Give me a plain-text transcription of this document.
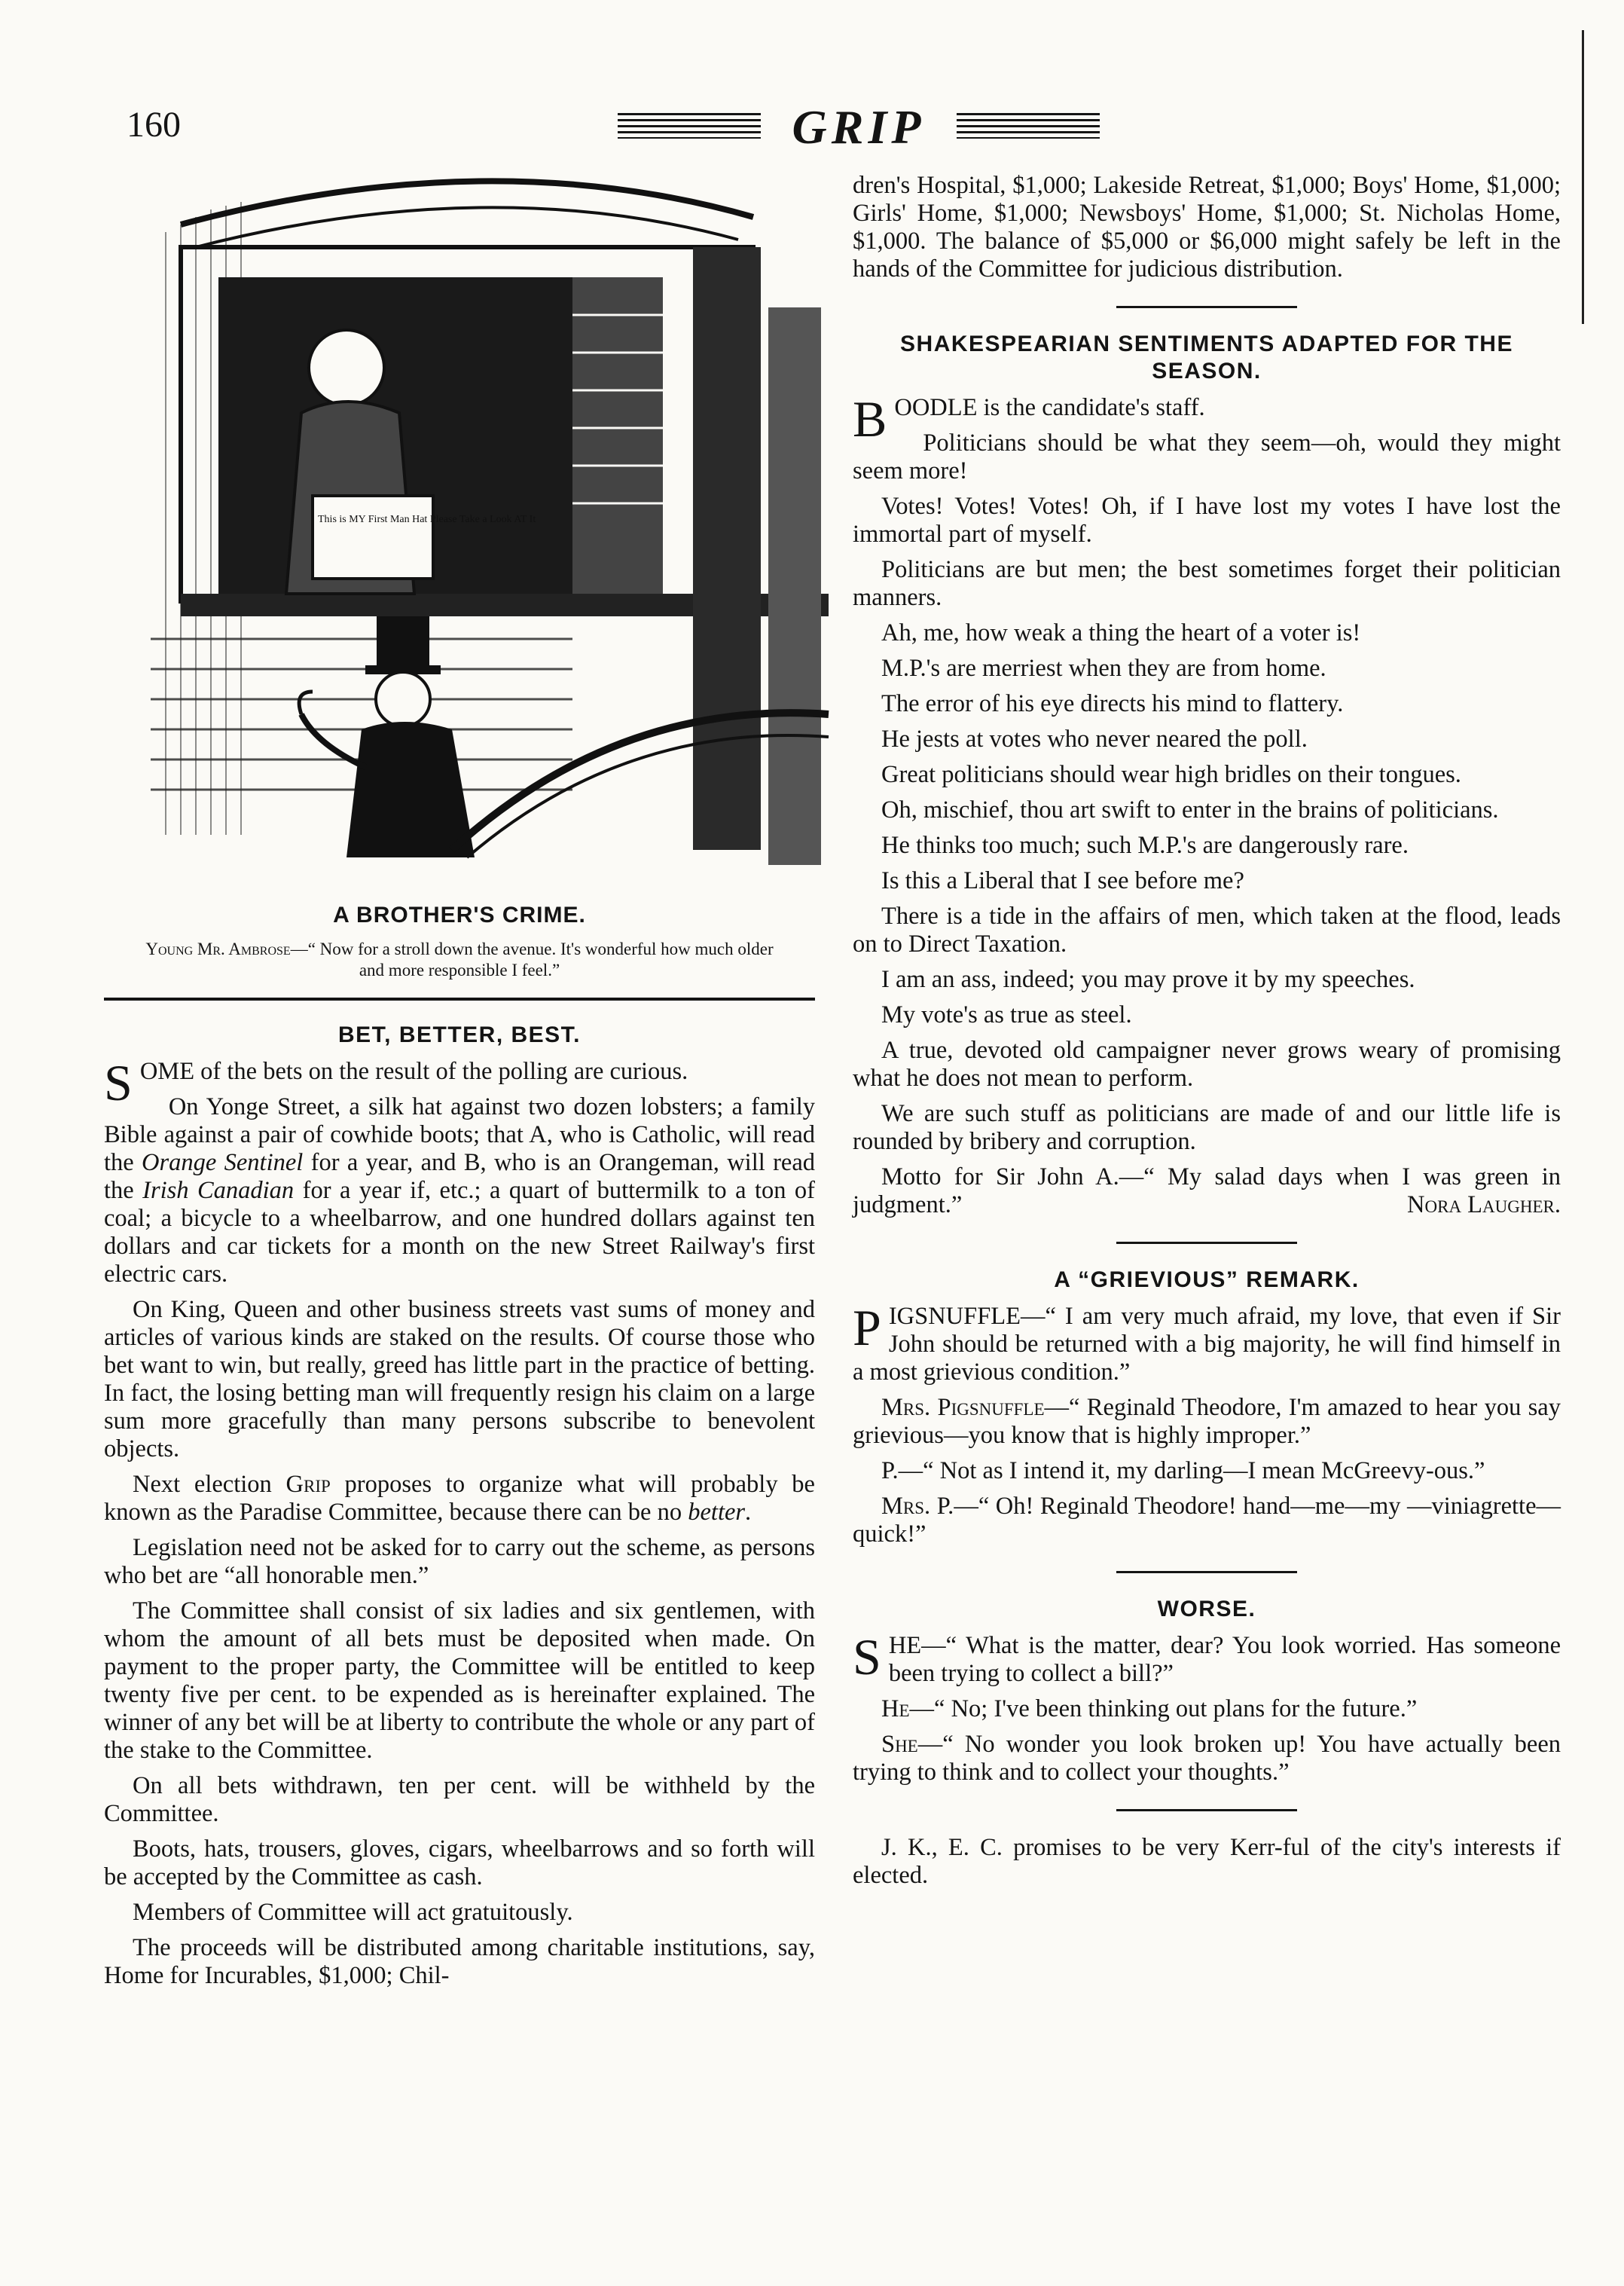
160	GRIP
This is MY First Man Hat Please Take a Look AT It
A BROTHER'S CRIME.
Young Mr. Ambrose—“ Now for a stroll down the avenue. It's wonderful how much older and more responsible I feel.”
BET, BETTER, BEST.

SOME of the bets on the result of the polling are curious.

On Yonge Street, a silk hat against two dozen lobsters; a family Bible against a pair of cowhide boots; that A, who is Catholic, will read the Orange Sentinel for a year, and B, who is an Orangeman, will read the Irish Canadian for a year if, etc.; a quart of buttermilk to a ton of coal; a bicycle to a wheelbarrow, and one hundred dollars against ten dollars and car tickets for a month on the new Street Railway's first electric cars.

On King, Queen and other business streets vast sums of money and articles of various kinds are staked on the results. Of course those who bet want to win, but really, greed has little part in the practice of betting. In fact, the losing betting man will frequently resign his claim on a large sum more gracefully than many persons subscribe to benevolent objects.

Next election Grip proposes to organize what will probably be known as the Paradise Committee, because there can be no better.

Legislation need not be asked for to carry out the scheme, as persons who bet are “all honorable men.”

The Committee shall consist of six ladies and six gentlemen, with whom the amount of all bets must be deposited when made. On payment to the proper party, the Committee will be entitled to keep twenty five per cent. to be expended as is hereinafter explained. The winner of any bet will be at liberty to contribute the whole or any part of the stake to the Committee.

On all bets withdrawn, ten per cent. will be withheld by the Committee.

Boots, hats, trousers, gloves, cigars, wheelbarrows and so forth will be accepted by the Committee as cash.

Members of Committee will act gratuitously.

The proceeds will be distributed among charitable institutions, say, Home for Incurables, $1,000; Chil-

dren's Hospital, $1,000; Lakeside Retreat, $1,000; Boys' Home, $1,000; Girls' Home, $1,000; Newsboys' Home, $1,000; St. Nicholas Home, $1,000. The balance of $5,000 or $6,000 might safely be left in the hands of the Committee for judicious distribution.

SHAKESPEARIAN SENTIMENTS ADAPTED FOR THE SEASON.

BOODLE is the candidate's staff.

Politicians should be what they seem—oh, would they might seem more!

Votes! Votes! Votes! Oh, if I have lost my votes I have lost the immortal part of myself.

Politicians are but men; the best sometimes forget their politician manners.

Ah, me, how weak a thing the heart of a voter is!

M.P.'s are merriest when they are from home.

The error of his eye directs his mind to flattery.

He jests at votes who never neared the poll.

Great politicians should wear high bridles on their tongues.

Oh, mischief, thou art swift to enter in the brains of politicians.

He thinks too much; such M.P.'s are dangerously rare.

Is this a Liberal that I see before me?

There is a tide in the affairs of men, which taken at the flood, leads on to Direct Taxation.

I am an ass, indeed; you may prove it by my speeches.

My vote's as true as steel.

A true, devoted old campaigner never grows weary of promising what he does not mean to perform.

We are such stuff as politicians are made of and our little life is rounded by bribery and corruption.

Motto for Sir John A.—“ My salad days when I was green in judgment.”	Nora Laugher.

A “GRIEVIOUS” REMARK.

PIGSNUFFLE—“ I am very much afraid, my love, that even if Sir John should be returned with a big majority, he will find himself in a most grievious condition.”

Mrs. Pigsnuffle—“ Reginald Theodore, I'm amazed to hear you say grievious—you know that is highly improper.”

P.—“ Not as I intend it, my darling—I mean McGreevy-ous.”

Mrs. P.—“ Oh! Reginald Theodore! hand—me—my —viniagrette—quick!”

WORSE.

SHE—“ What is the matter, dear? You look worried. Has someone been trying to collect a bill?”

He—“ No; I've been thinking out plans for the future.”

She—“ No wonder you look broken up! You have actually been trying to think and to collect your thoughts.”

J. K., E. C. promises to be very Kerr-ful of the city's interests if elected.
